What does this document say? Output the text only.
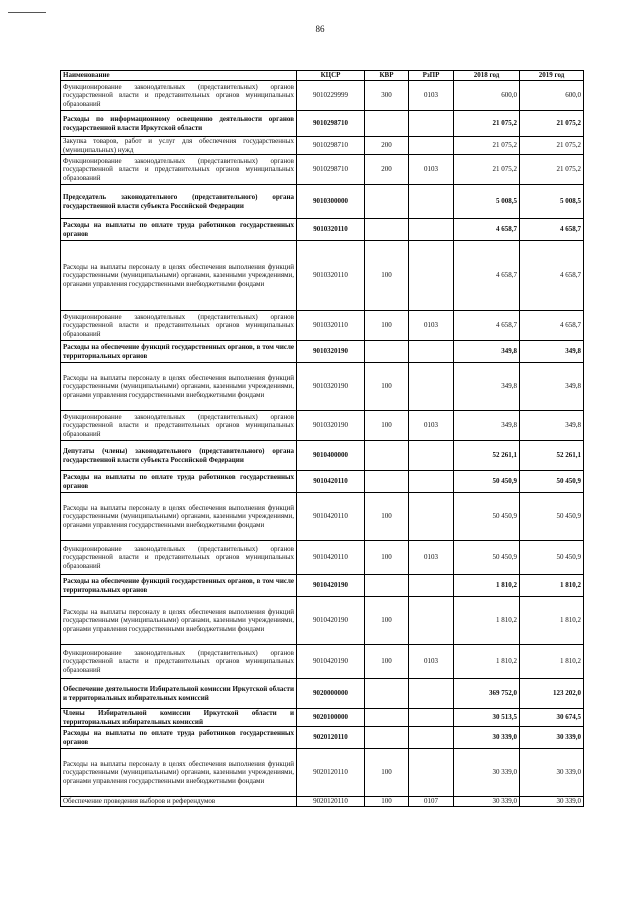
86
Наименование	КЦСР	КВР	РзПР	2018 год	2019 год
Функционирование законодательных (представительных) органов государственной власти и представительных органов муниципальных образований	9010229999	300	0103	600,0	600,0
Расходы по информационному освещению деятельности органов государственной власти Иркутской области	9010298710			21 075,2	21 075,2
Закупка товаров, работ и услуг для обеспечения государственных (муниципальных) нужд	9010298710	200		21 075,2	21 075,2
Функционирование законодательных (представительных) органов государственной власти и представительных органов муниципальных образований	9010298710	200	0103	21 075,2	21 075,2
Председатель законодательного (представительного) органа государственной власти субъекта Российской Федерации	9010300000			5 008,5	5 008,5
Расходы на выплаты по оплате труда работников государственных органов	9010320110			4 658,7	4 658,7
Расходы на выплаты персоналу в целях обеспечения выполнения функций государственными (муниципальными) органами, казенными учреждениями, органами управления государственными внебюджетными фондами	9010320110	100		4 658,7	4 658,7
Функционирование законодательных (представительных) органов государственной власти и представительных органов муниципальных образований	9010320110	100	0103	4 658,7	4 658,7
Расходы на обеспечение функций государственных органов, в том числе территориальных органов	9010320190			349,8	349,8
Расходы на выплаты персоналу в целях обеспечения выполнения функций государственными (муниципальными) органами, казенными учреждениями, органами управления государственными внебюджетными фондами	9010320190	100		349,8	349,8
Функционирование законодательных (представительных) органов государственной власти и представительных органов муниципальных образований	9010320190	100	0103	349,8	349,8
Депутаты (члены) законодательного (представительного) органа государственной власти субъекта Российской Федерации	9010400000			52 261,1	52 261,1
Расходы на выплаты по оплате труда работников государственных органов	9010420110			50 450,9	50 450,9
Расходы на выплаты персоналу в целях обеспечения выполнения функций государственными (муниципальными) органами, казенными учреждениями, органами управления государственными внебюджетными фондами	9010420110	100		50 450,9	50 450,9
Функционирование законодательных (представительных) органов государственной власти и представительных органов муниципальных образований	9010420110	100	0103	50 450,9	50 450,9
Расходы на обеспечение функций государственных органов, в том числе территориальных органов	9010420190			1 810,2	1 810,2
Расходы на выплаты персоналу в целях обеспечения выполнения функций государственными (муниципальными) органами, казенными учреждениями, органами управления государственными внебюджетными фондами	9010420190	100		1 810,2	1 810,2
Функционирование законодательных (представительных) органов государственной власти и представительных органов муниципальных образований	9010420190	100	0103	1 810,2	1 810,2
Обеспечение деятельности Избирательной комиссии Иркутской области и территориальных избирательных комиссий	9020000000			369 752,0	123 202,0
Члены Избирательной комиссии Иркутской области и территориальных избирательных комиссий	9020100000			30 513,5	30 674,5
Расходы на выплаты по оплате труда работников государственных органов	9020120110			30 339,0	30 339,0
Расходы на выплаты персоналу в целях обеспечения выполнения функций государственными (муниципальными) органами, казенными учреждениями, органами управления государственными внебюджетными фондами	9020120110	100		30 339,0	30 339,0
Обеспечение проведения выборов и референдумов	9020120110	100	0107	30 339,0	30 339,0
